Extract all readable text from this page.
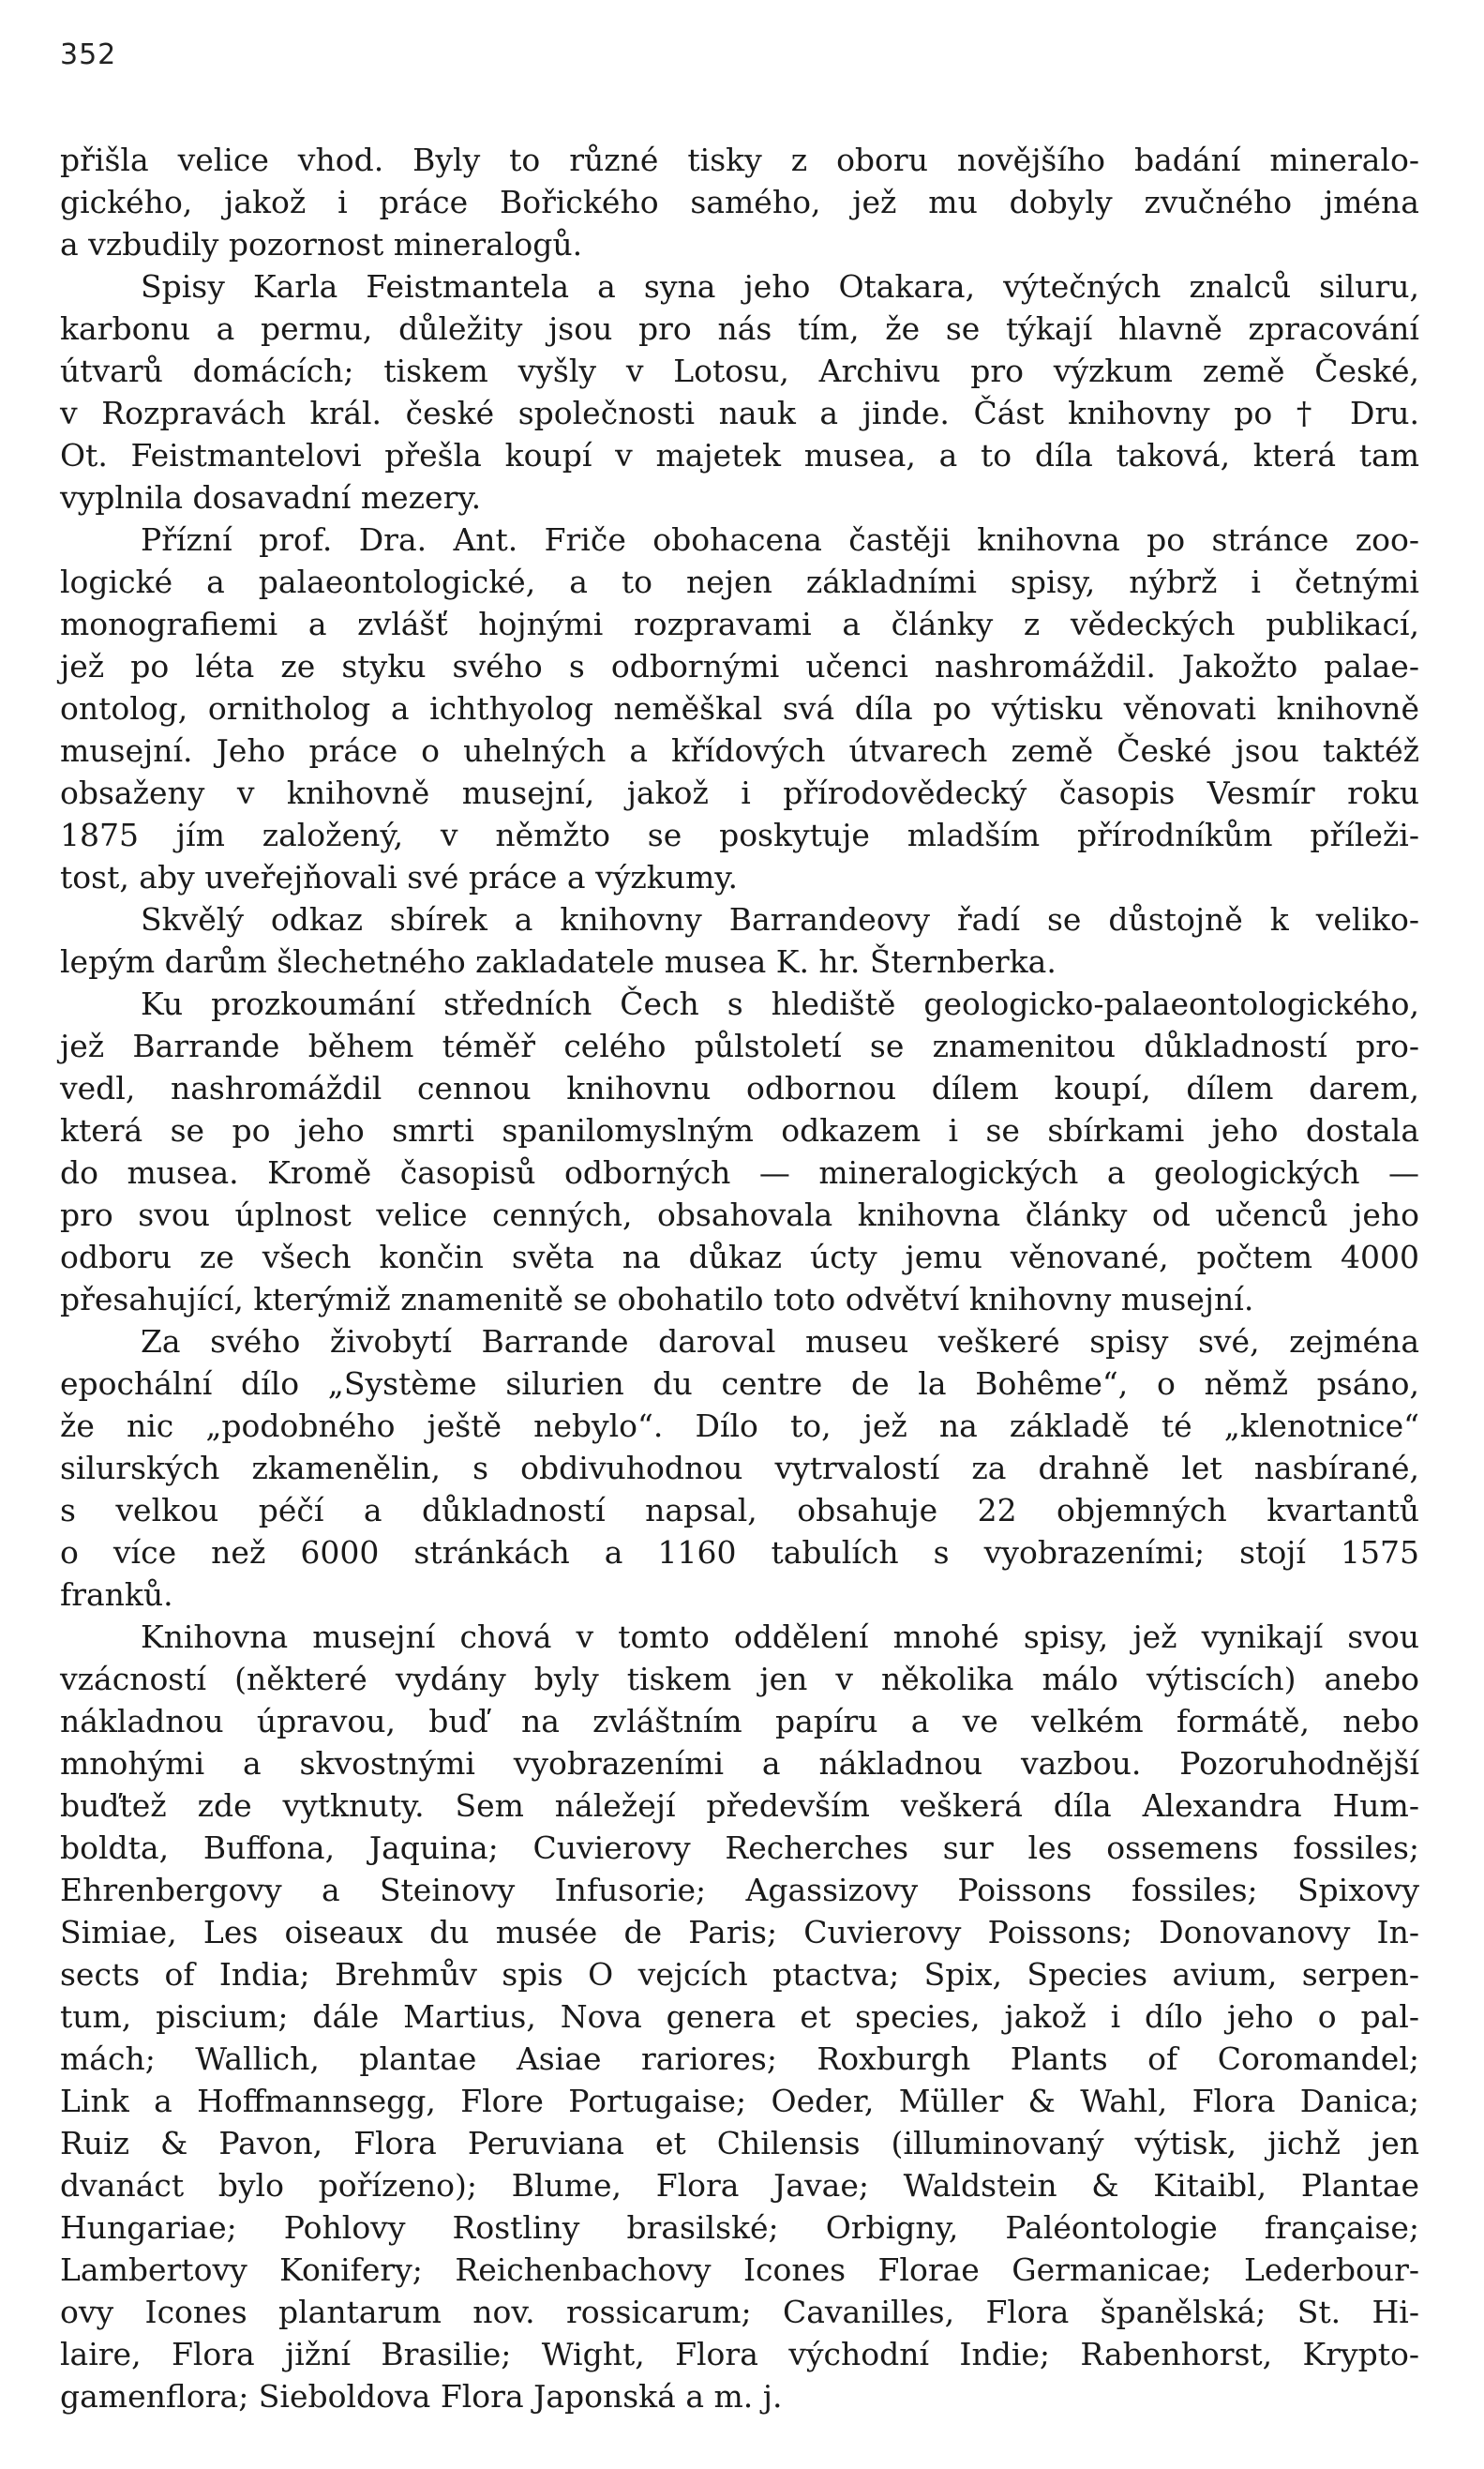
352
přišla velice vhod. Byly to různé tisky z oboru novějšího badání mineralo-
gického, jakož i práce Bořického samého, jež mu dobyly zvučného jména
a vzbudily pozornost mineralogů.
Spisy Karla Feistmantela a syna jeho Otakara, výtečných znalců siluru,
karbonu a permu, důležity jsou pro nás tím, že se týkají hlavně zpracování
útvarů domácích; tiskem vyšly v Lotosu, Archivu pro výzkum země České,
v Rozpravách král. české společnosti nauk a jinde. Část knihovny po † Dru.
Ot. Feistmantelovi přešla koupí v majetek musea, a to díla taková, která tam
vyplnila dosavadní mezery.
Přízní prof. Dra. Ant. Friče obohacena častěji knihovna po stránce zoo-
logické a palaeontologické, a to nejen základními spisy, nýbrž i četnými
monografiemi a zvlášť hojnými rozpravami a články z vědeckých publikací,
jež po léta ze styku svého s odbornými učenci nashromáždil. Jakožto palae-
ontolog, ornitholog a ichthyolog neměškal svá díla po výtisku věnovati knihovně
musejní. Jeho práce o uhelných a křídových útvarech země České jsou taktéž
obsaženy v knihovně musejní, jakož i přírodovědecký časopis Vesmír roku
1875 jím založený, v němžto se poskytuje mladším přírodníkům příleži-
tost, aby uveřejňovali své práce a výzkumy.
Skvělý odkaz sbírek a knihovny Barrandeovy řadí se důstojně k veliko-
lepým darům šlechetného zakladatele musea K. hr. Šternberka.
Ku prozkoumání středních Čech s hlediště geologicko-palaeontologického,
jež Barrande během téměř celého půlstoletí se znamenitou důkladností pro-
vedl, nashromáždil cennou knihovnu odbornou dílem koupí, dílem darem,
která se po jeho smrti spanilomyslným odkazem i se sbírkami jeho dostala
do musea. Kromě časopisů odborných — mineralogických a geologických —
pro svou úplnost velice cenných, obsahovala knihovna články od učenců jeho
odboru ze všech končin světa na důkaz úcty jemu věnované, počtem 4000
přesahující, kterýmiž znamenitě se obohatilo toto odvětví knihovny musejní.
Za svého živobytí Barrande daroval museu veškeré spisy své, zejména
epochální dílo „Système silurien du centre de la Bohême“, o němž psáno,
že nic „podobného ještě nebylo“. Dílo to, jež na základě té „klenotnice“
silurských zkamenělin, s obdivuhodnou vytrvalostí za drahně let nasbírané,
s velkou péčí a důkladností napsal, obsahuje 22 objemných kvartantů
o více než 6000 stránkách a 1160 tabulích s vyobrazeními; stojí 1575
franků.
Knihovna musejní chová v tomto oddělení mnohé spisy, jež vynikají svou
vzácností (některé vydány byly tiskem jen v několika málo výtiscích) anebo
nákladnou úpravou, buď na zvláštním papíru a ve velkém formátě, nebo
mnohými a skvostnými vyobrazeními a nákladnou vazbou. Pozoruhodnější
buďtež zde vytknuty. Sem náležejí především veškerá díla Alexandra Hum-
boldta, Buffona, Jaquina; Cuvierovy Recherches sur les ossemens fossiles;
Ehrenbergovy a Steinovy Infusorie; Agassizovy Poissons fossiles; Spixovy
Simiae, Les oiseaux du musée de Paris; Cuvierovy Poissons; Donovanovy In-
sects of India; Brehmův spis O vejcích ptactva; Spix, Species avium, serpen-
tum, piscium; dále Martius, Nova genera et species, jakož i dílo jeho o pal-
mách; Wallich, plantae Asiae rariores; Roxburgh Plants of Coromandel;
Link a Hoffmannsegg, Flore Portugaise; Oeder, Müller & Wahl, Flora Danica;
Ruiz & Pavon, Flora Peruviana et Chilensis (illuminovaný výtisk, jichž jen
dvanáct bylo pořízeno); Blume, Flora Javae; Waldstein & Kitaibl, Plantae
Hungariae; Pohlovy Rostliny brasilské; Orbigny, Paléontologie française;
Lambertovy Konifery; Reichenbachovy Icones Florae Germanicae; Lederbour-
ovy Icones plantarum nov. rossicarum; Cavanilles, Flora španělská; St. Hi-
laire, Flora jižní Brasilie; Wight, Flora východní Indie; Rabenhorst, Krypto-
gamenflora; Sieboldova Flora Japonská a m. j.
